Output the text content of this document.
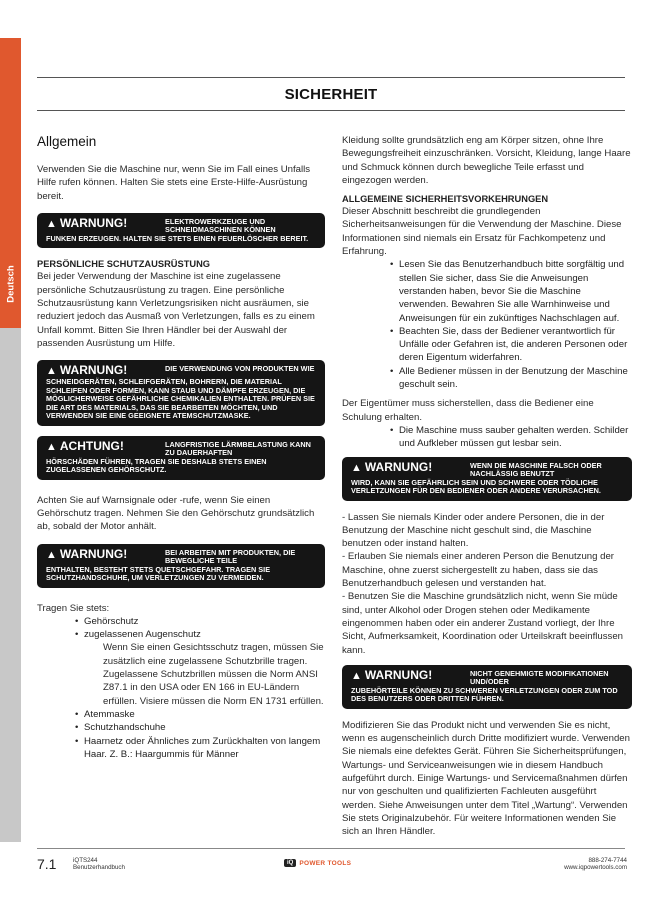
Deutsch
SICHERHEIT
Allgemein

Verwenden Sie die Maschine nur, wenn Sie im Fall eines Unfalls Hilfe rufen können. Halten Sie stets eine Erste-Hilfe-Ausrüstung bereit.

▲ WARNUNG!	ELEKTROWERKZEUGE UND SCHNEIDMASCHINEN KÖNNEN
FUNKEN ERZEUGEN. HALTEN SIE STETS EINEN FEUERLÖSCHER BEREIT.
PERSÖNLICHE SCHUTZAUSRÜSTUNG

Bei jeder Verwendung der Maschine ist eine zugelassene persönliche Schutzausrüstung zu tragen. Eine persönliche Schutzausrüstung kann Verletzungsrisiken nicht ausräumen, sie reduziert jedoch das Ausmaß von Verletzungen, falls es zu einem Unfall kommt. Bitten Sie Ihren Händler bei der Auswahl der passenden Ausrüstung um Hilfe.

▲ WARNUNG!	DIE VERWENDUNG VON PRODUKTEN WIE
SCHNEIDGERÄTEN, SCHLEIFGERÄTEN, BOHRERN, DIE MATERIAL SCHLEIFEN ODER FORMEN, KANN STAUB UND DÄMPFE ERZEUGEN, DIE MÖGLICHERWEISE GEFÄHRLICHE CHEMIKALIEN ENTHALTEN. PRÜFEN SIE DIE ART DES MATERIALS, DAS SIE BEARBEITEN MÖCHTEN, UND VERWENDEN SIE EINE GEEIGNETE ATEMSCHUTZMASKE.
▲ ACHTUNG!	LANGFRISTIGE LÄRMBELASTUNG KANN ZU DAUERHAFTEN
HÖRSCHÄDEN FÜHREN, TRAGEN SIE DESHALB STETS EINEN ZUGELASSENEN GEHÖRSCHUTZ.

Achten Sie auf Warnsignale oder -rufe, wenn Sie einen Gehörschutz tragen. Nehmen Sie den Gehörschutz grundsätzlich ab, sobald der Motor anhält.

▲ WARNUNG!	BEI ARBEITEN MIT PRODUKTEN, DIE BEWEGLICHE TEILE
ENTHALTEN, BESTEHT STETS QUETSCHGEFAHR. TRAGEN SIE SCHUTZHANDSCHUHE, UM VERLETZUNGEN ZU VERMEIDEN.

Tragen Sie stets:

• Gehörschutz
• zugelassenen Augenschutz

Wenn Sie einen Gesichtsschutz tragen, müssen Sie zusätzlich eine zugelassene Schutzbrille tragen. Zugelassene Schutzbrillen müssen die Norm ANSI Z87.1 in den USA oder EN 166 in EU-Ländern erfüllen. Visiere müssen die Norm EN 1731 erfüllen.

• Atemmaske
• Schutzhandschuhe
• Haarnetz oder Ähnliches zum Zurückhalten von langem Haar. Z. B.: Haargummis für Männer

Kleidung sollte grundsätzlich eng am Körper sitzen, ohne Ihre Bewegungsfreiheit einzuschränken. Vorsicht, Kleidung, lange Haare und Schmuck können durch bewegliche Teile erfasst und eingezogen werden.

ALLGEMEINE SICHERHEITSVORKEHRUNGEN

Dieser Abschnitt beschreibt die grundlegenden Sicherheitsanweisungen für die Verwendung der Maschine. Diese Informationen sind niemals ein Ersatz für Fachkompetenz und Erfahrung.

• Lesen Sie das Benutzerhandbuch bitte sorgfältig und stellen Sie sicher, dass Sie die Anweisungen verstanden haben, bevor Sie die Maschine verwenden. Bewahren Sie alle Warnhinweise und Anweisungen für ein zukünftiges Nachschlagen auf.
• Beachten Sie, dass der Bediener verantwortlich für Unfälle oder Gefahren ist, die anderen Personen oder deren Eigentum widerfahren.
• Alle Bediener müssen in der Benutzung der Maschine geschult sein.

Der Eigentümer muss sicherstellen, dass die Bediener eine Schulung erhalten.

• Die Maschine muss sauber gehalten werden. Schilder und Aufkleber müssen gut lesbar sein.
▲ WARNUNG!	WENN DIE MASCHINE FALSCH ODER NACHLÄSSIG BENUTZT
WIRD, KANN SIE GEFÄHRLICH SEIN UND SCHWERE ODER TÖDLICHE VERLETZUNGEN FÜR DEN BEDIENER ODER ANDERE VERURSACHEN.

- Lassen Sie niemals Kinder oder andere Personen, die in der Benutzung der Maschine nicht geschult sind, die Maschine benutzen oder instand halten.

- Erlauben Sie niemals einer anderen Person die Benutzung der Maschine, ohne zuerst sichergestellt zu haben, dass sie das Benutzerhandbuch gelesen und verstanden hat.

- Benutzen Sie die Maschine grundsätzlich nicht, wenn Sie müde sind, unter Alkohol oder Drogen stehen oder Medikamente eingenommen haben oder ein anderer Zustand vorliegt, der Ihre Sicht, Aufmerksamkeit, Koordination oder Urteilskraft beeinflussen kann.

▲ WARNUNG!	NICHT GENEHMIGTE MODIFIKATIONEN UND/ODER
ZUBEHÖRTEILE KÖNNEN ZU SCHWEREN VERLETZUNGEN ODER ZUM TOD DES BENUTZERS ODER DRITTEN FÜHREN.

Modifizieren Sie das Produkt nicht und verwenden Sie es nicht, wenn es augenscheinlich durch Dritte modifiziert wurde. Verwenden Sie niemals eine defektes Gerät. Führen Sie Sicherheitsprüfungen, Wartungs- und Serviceanweisungen wie in diesem Handbuch aufgeführt durch. Einige Wartungs- und Servicemaßnahmen dürfen nur von geschulten und qualifizierten Fachleuten ausgeführt werden. Siehe Anweisungen unter dem Titel „Wartung“. Verwenden Sie stets Originalzubehör. Für weitere Informationen wenden Sie sich an Ihren Händler.

7.1	iQTS244
Benutzerhandbuch
iQ POWER TOOLS	888-274-7744
www.iqpowertools.com
